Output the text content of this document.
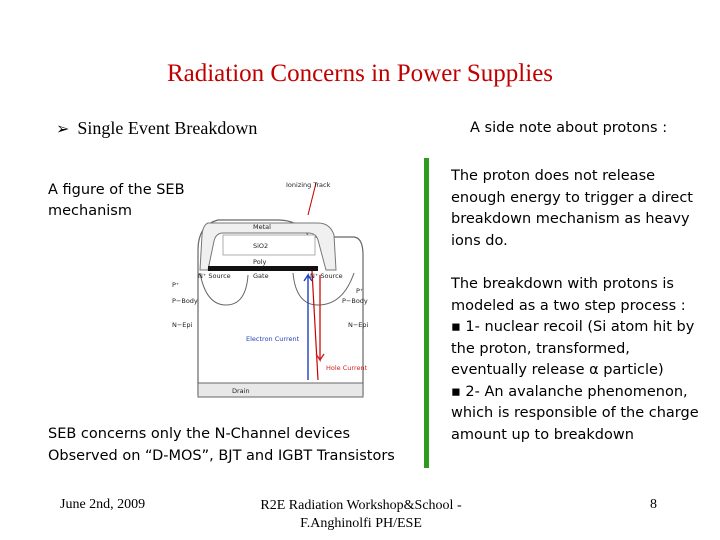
Radiation Concerns in Power Supplies
➢ Single Event Breakdown	A side note about protons :
A figure of the SEB mechanism
Ionizing Track
Metal
SiO2
Poly
N⁺ Source	Gate	N⁺ Source
P⁺
P⁺
P−Body	P−Body
N−Epi	N−Epi
Electron Current
Hole Current
Drain
The proton does not release enough energy to trigger a direct breakdown mechanism as heavy ions do.
The breakdown with protons is modeled as a two step process :
▪ 1- nuclear recoil (Si atom hit by the proton, transformed, eventually release α particle)
▪ 2- An avalanche phenomenon, which is responsible of the charge amount up to breakdown
SEB concerns only the N-Channel devices
Observed on “D-MOS”, BJT and IGBT Transistors
June 2nd, 2009	R2E Radiation Workshop&School -
F.Anghinolfi PH/ESE
8
